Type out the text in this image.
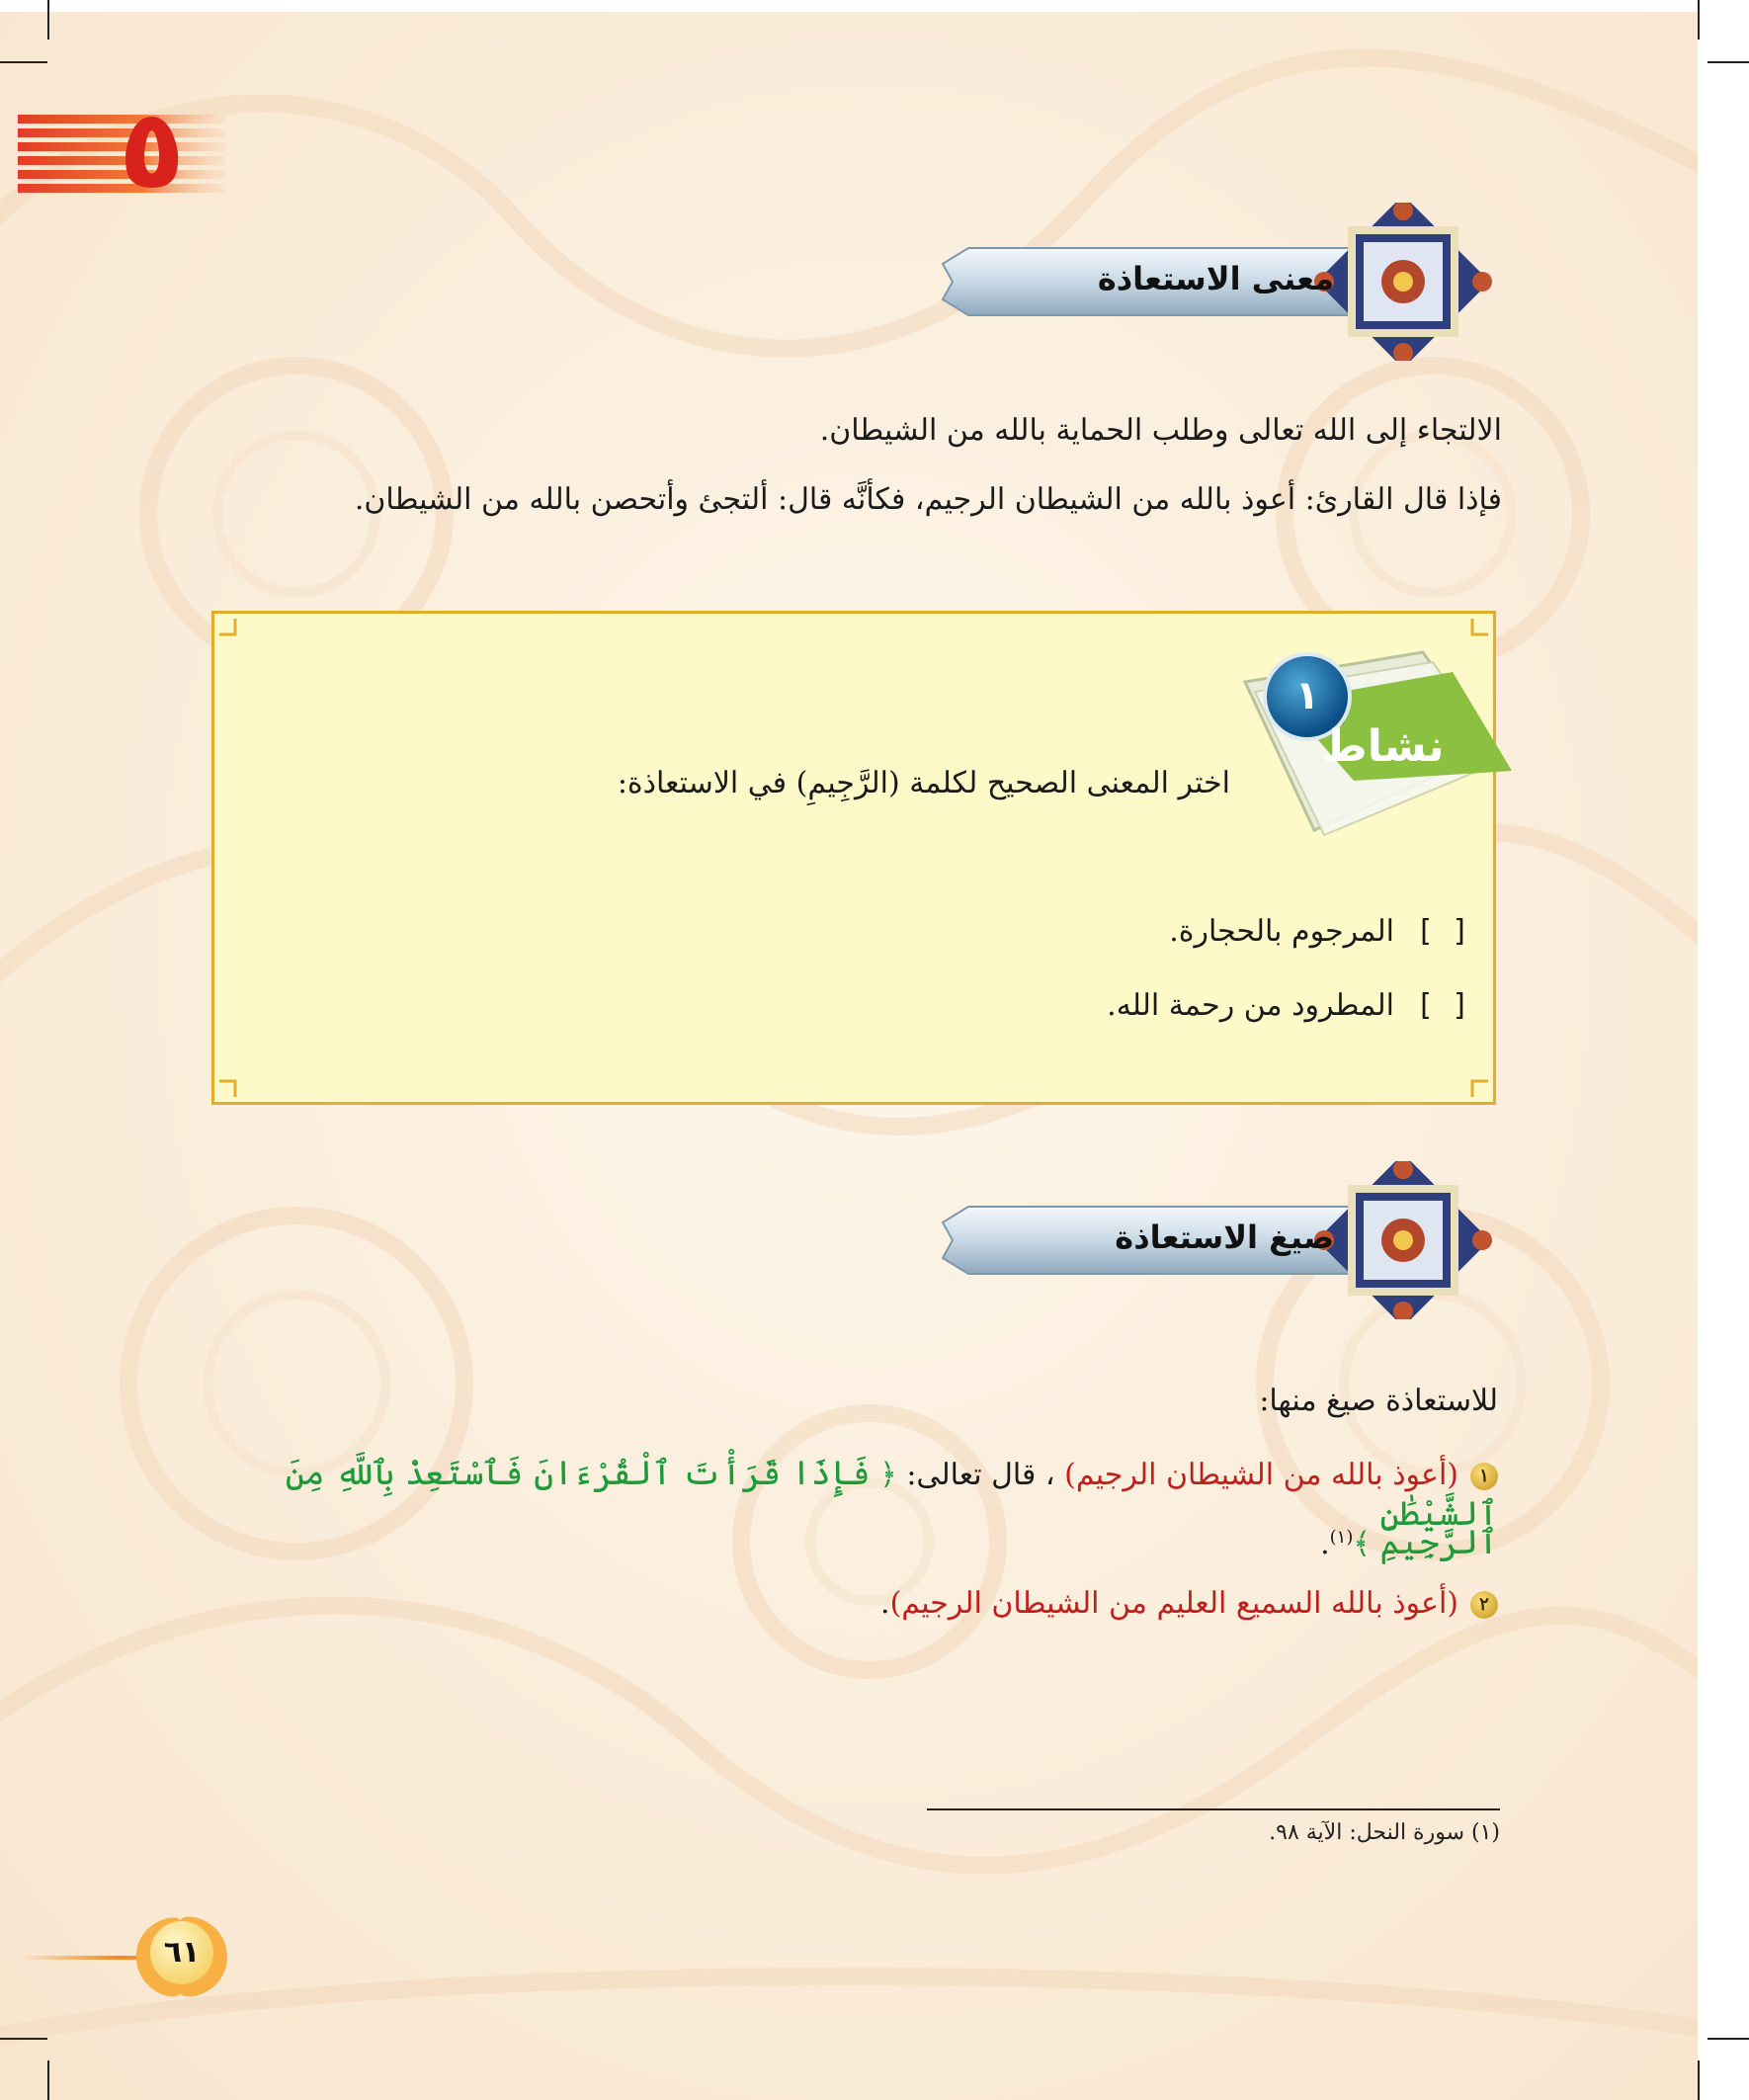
٥
معنى الاستعاذة
الالتجاء إلى الله تعالى وطلب الحماية بالله من الشيطان.
فإذا قال القارئ: أعوذ بالله من الشيطان الرجيم، فكأنَّه قال: ألتجئ وأتحصن بالله من الشيطان.
١
نشاط
اختر المعنى الصحيح لكلمة (الرَّجِيمِ) في الاستعاذة:
[ ]المرجوم بالحجارة.
[ ]المطرود من رحمة الله.
صيغ الاستعاذة
للاستعاذة صيغ منها:
١(أعوذ بالله من الشيطان الرجيم) ، قال تعالى: ﴿ فَإِذَا قَرَأْتَ ٱلْقُرْءَانَ فَٱسْتَعِذْ بِٱللَّهِ مِنَ ٱلشَّيْطَٰنِ
ٱلرَّجِيمِ ﴾$^{(١)}$.
٢(أعوذ بالله السميع العليم من الشيطان الرجيم).
(١) سورة النحل: الآية ٩٨.
٦١
